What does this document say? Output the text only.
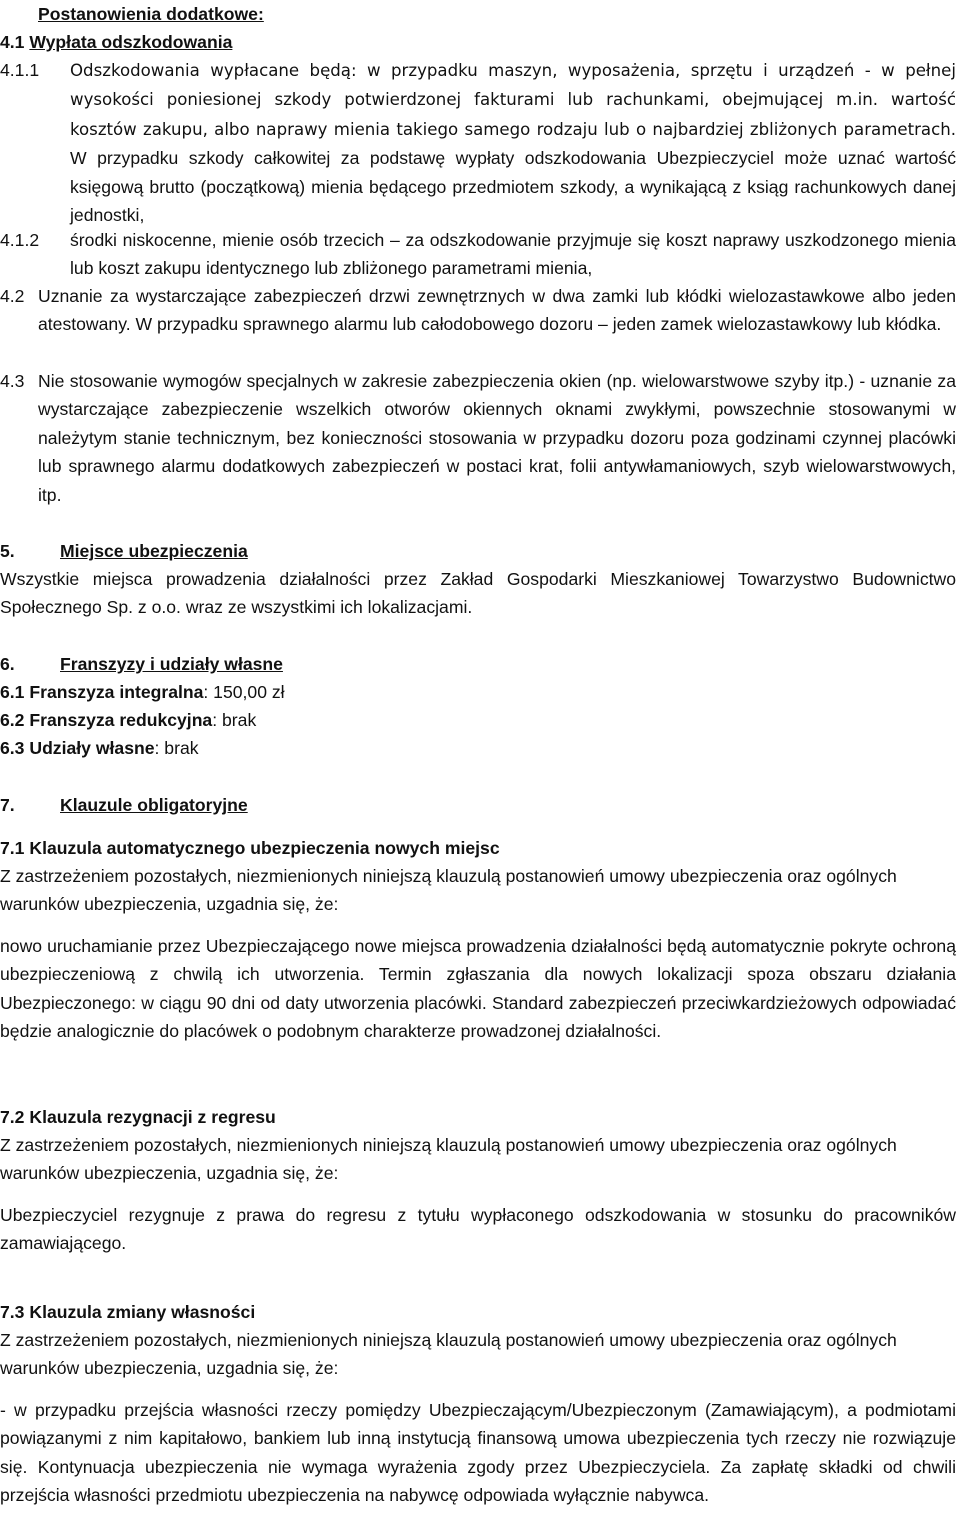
Postanowienia dodatkowe:
4.1 Wypłata odszkodowania
4.1.1	Odszkodowania wypłacane będą: w przypadku maszyn, wyposażenia, sprzętu i urządzeń - w pełnej wysokości poniesionej szkody potwierdzonej fakturami lub rachunkami, obejmującej m.in. wartość kosztów zakupu, albo naprawy mienia takiego samego rodzaju lub o najbardziej zbliżonych parametrach. W przypadku szkody całkowitej za podstawę wypłaty odszkodowania Ubezpieczyciel może uznać wartość księgową brutto (początkową) mienia będącego przedmiotem szkody, a wynikającą z ksiąg rachunkowych danej jednostki,
4.1.2	środki niskocenne, mienie osób trzecich – za odszkodowanie przyjmuje się koszt naprawy uszkodzonego mienia lub koszt zakupu identycznego lub zbliżonego parametrami mienia,
4.2 Uznanie za wystarczające zabezpieczeń drzwi zewnętrznych w dwa zamki lub kłódki wielozastawkowe albo jeden atestowany. W przypadku sprawnego alarmu lub całodobowego dozoru – jeden zamek wielozastawkowy lub kłódka.
4.3 Nie stosowanie wymogów specjalnych w zakresie zabezpieczenia okien (np. wielowarstwowe szyby itp.) - uznanie za wystarczające zabezpieczenie wszelkich otworów okiennych oknami zwykłymi, powszechnie stosowanymi w należytym stanie technicznym, bez konieczności stosowania w przypadku dozoru poza godzinami czynnej placówki lub sprawnego alarmu dodatkowych zabezpieczeń w postaci krat, folii antywłamaniowych, szyb wielowarstwowych, itp.
5.	Miejsce ubezpieczenia
Wszystkie miejsca prowadzenia działalności przez Zakład Gospodarki Mieszkaniowej Towarzystwo Budownictwo Społecznego Sp. z o.o. wraz ze wszystkimi ich lokalizacjami.
6.	Franszyzy i udziały własne
6.1 Franszyza integralna: 150,00 zł
6.2 Franszyza redukcyjna: brak
6.3 Udziały własne: brak
7.	Klauzule obligatoryjne
7.1 Klauzula automatycznego ubezpieczenia nowych miejsc
Z zastrzeżeniem pozostałych, niezmienionych niniejszą klauzulą postanowień umowy ubezpieczenia oraz ogólnych warunków ubezpieczenia, uzgadnia się, że:
nowo uruchamianie przez Ubezpieczającego nowe miejsca prowadzenia działalności będą automatycznie pokryte ochroną ubezpieczeniową z chwilą ich utworzenia. Termin zgłaszania dla nowych lokalizacji spoza obszaru działania Ubezpieczonego: w ciągu 90 dni od daty utworzenia placówki. Standard zabezpieczeń przeciwkardzieżowych odpowiadać będzie analogicznie do placówek o podobnym charakterze prowadzonej działalności.
7.2 Klauzula rezygnacji z regresu
Z zastrzeżeniem pozostałych, niezmienionych niniejszą klauzulą postanowień umowy ubezpieczenia oraz ogólnych warunków ubezpieczenia, uzgadnia się, że:
Ubezpieczyciel rezygnuje z prawa do regresu z tytułu wypłaconego odszkodowania w stosunku do pracowników zamawiającego.
7.3 Klauzula zmiany własności
Z zastrzeżeniem pozostałych, niezmienionych niniejszą klauzulą postanowień umowy ubezpieczenia oraz ogólnych warunków ubezpieczenia, uzgadnia się, że:
- w przypadku przejścia własności rzeczy pomiędzy Ubezpieczającym/Ubezpieczonym (Zamawiającym), a podmiotami powiązanymi z nim kapitałowo, bankiem lub inną instytucją finansową umowa ubezpieczenia tych rzeczy nie rozwiązuje się. Kontynuacja ubezpieczenia nie wymaga wyrażenia zgody przez Ubezpieczyciela. Za zapłatę składki od chwili przejścia własności przedmiotu ubezpieczenia na nabywcę odpowiada wyłącznie nabywca.
